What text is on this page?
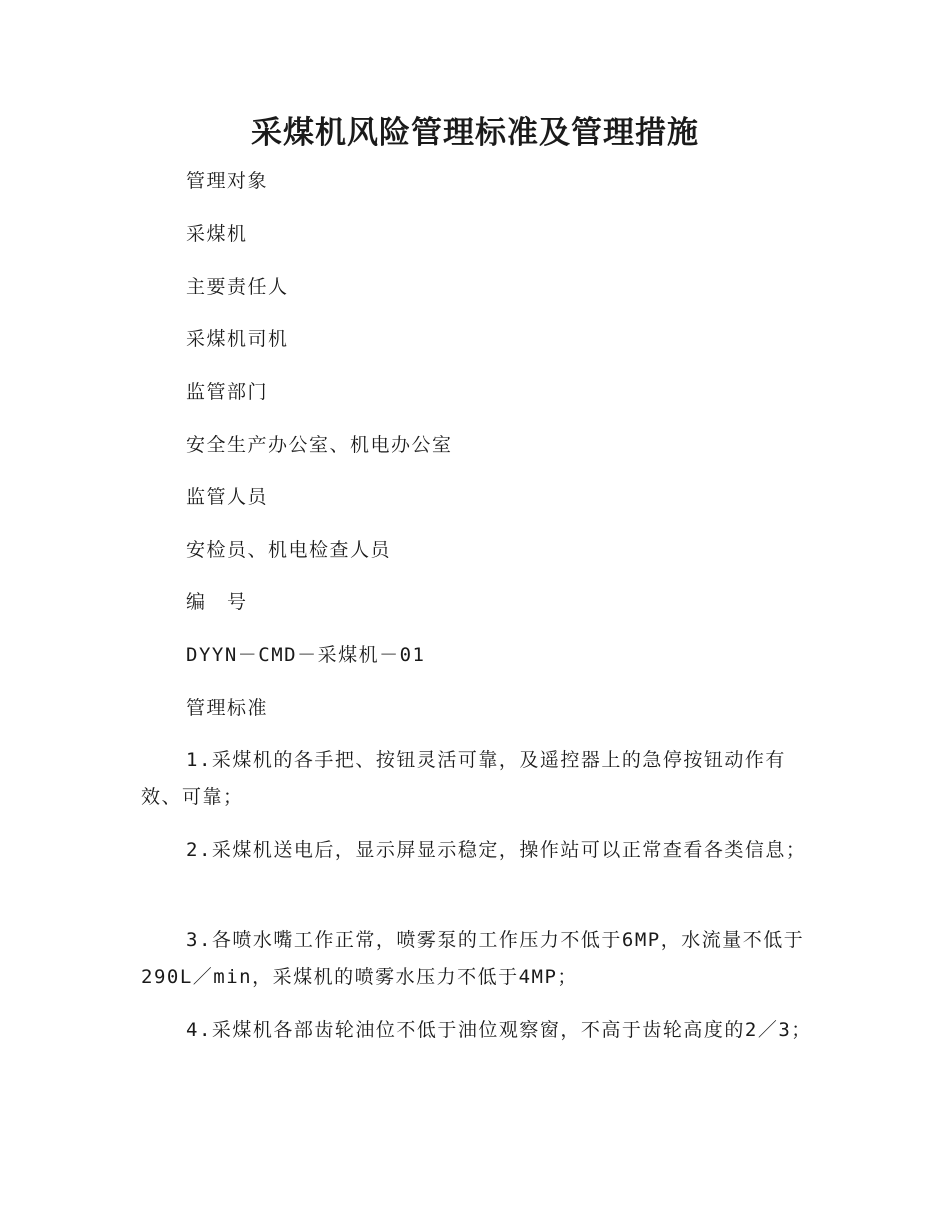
采煤机风险管理标准及管理措施
管理对象
采煤机
主要责任人
采煤机司机
监管部门
安全生产办公室、机电办公室
监管人员
安检员、机电检查人员
编　号
DYYN－CMD－采煤机－01
管理标准

1.采煤机的各手把、按钮灵活可靠，及遥控器上的急停按钮动作有效、可靠；

2.采煤机送电后，显示屏显示稳定，操作站可以正常查看各类信息；

3.各喷水嘴工作正常，喷雾泵的工作压力不低于6MP，水流量不低于290L／min，采煤机的喷雾水压力不低于4MP；

4.采煤机各部齿轮油位不低于油位观察窗，不高于齿轮高度的2／3；
